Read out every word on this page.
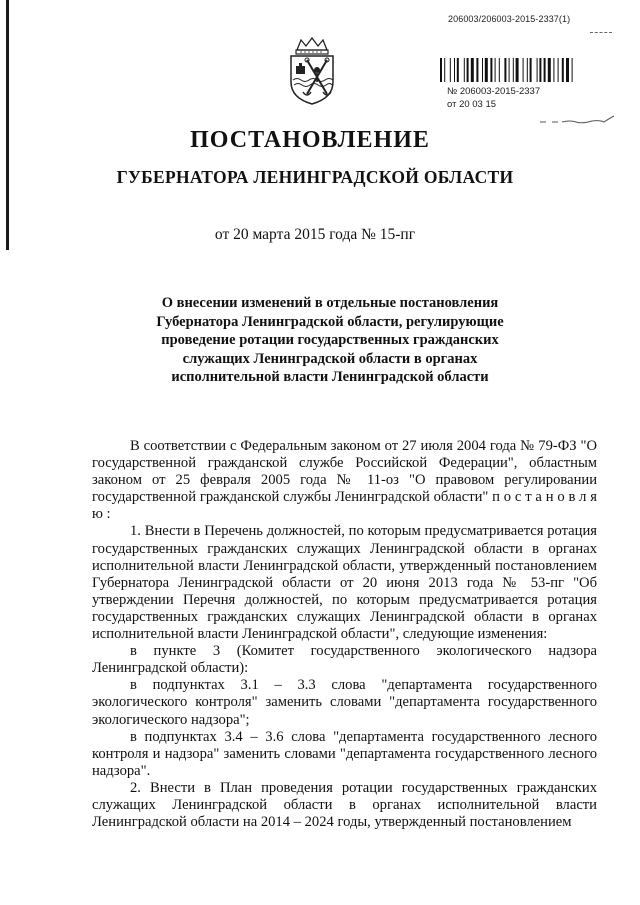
206003/206003-2015-2337(1)
№ 206003-2015-2337
от 20 03 15
ПОСТАНОВЛЕНИЕ
ГУБЕРНАТОРА ЛЕНИНГРАДСКОЙ ОБЛАСТИ
от 20 марта 2015 года № 15-пг
О внесении изменений в отдельные постановления
Губернатора Ленинградской области, регулирующие
проведение ротации государственных гражданских
служащих Ленинградской области в органах
исполнительной власти Ленинградской области

В соответствии с Федеральным законом от 27 июля 2004 года № 79-ФЗ "О государственной гражданской службе Российской Федерации", областным законом от 25 февраля 2005 года № 11-оз "О правовом регулировании государственной гражданской службы Ленинградской области" п о с т а н о в л я ю :

1. Внести в Перечень должностей, по которым предусматривается ротация государственных гражданских служащих Ленинградской области в органах исполнительной власти Ленинградской области, утвержденный постановлением Губернатора Ленинградской области от 20 июня 2013 года № 53-пг "Об утверждении Перечня должностей, по которым предусматривается ротация государственных гражданских служащих Ленинградской области в органах исполнительной власти Ленинградской области", следующие изменения:

в пункте 3 (Комитет государственного экологического надзора Ленинградской области):

в подпунктах 3.1 – 3.3 слова "департамента государственного экологического контроля" заменить словами "департамента государственного экологического надзора";

в подпунктах 3.4 – 3.6 слова "департамента государственного лесного контроля и надзора" заменить словами "департамента государственного лесного надзора".

2. Внести в План проведения ротации государственных гражданских служащих Ленинградской области в органах исполнительной власти Ленинградской области на 2014 – 2024 годы, утвержденный постановлением
